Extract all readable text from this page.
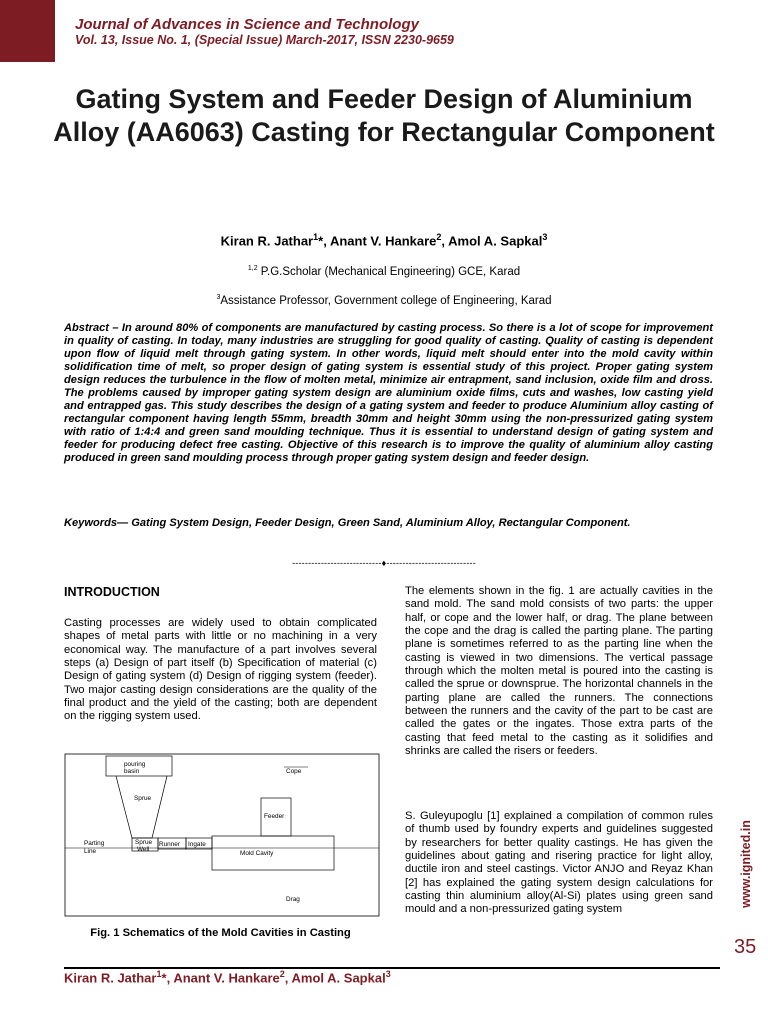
Journal of Advances in Science and Technology
Vol. 13, Issue No. 1, (Special Issue) March-2017, ISSN 2230-9659
Gating System and Feeder Design of Aluminium Alloy (AA6063) Casting for Rectangular Component
Kiran R. Jathar$^1$*, Anant V. Hankare$^2$, Amol A. Sapkal$^3$
$^{1,2}$ P.G.Scholar (Mechanical Engineering) GCE, Karad
$^3$Assistance Professor, Government college of Engineering, Karad
Abstract – In around 80% of components are manufactured by casting process. So there is a lot of scope for improvement in quality of casting. In today, many industries are struggling for good quality of casting. Quality of casting is dependent upon flow of liquid melt through gating system. In other words, liquid melt should enter into the mold cavity within solidification time of melt, so proper design of gating system is essential study of this project. Proper gating system design reduces the turbulence in the flow of molten metal, minimize air entrapment, sand inclusion, oxide film and dross. The problems caused by improper gating system design are aluminium oxide films, cuts and washes, low casting yield and entrapped gas. This study describes the design of a gating system and feeder to produce Aluminium alloy casting of rectangular component having length 55mm, breadth 30mm and height 30mm using the non-pressurized gating system with ratio of 1:4:4 and green sand moulding technique. Thus it is essential to understand design of gating system and feeder for producing defect free casting. Objective of this research is to improve the quality of aluminium alloy casting produced in green sand moulding process through proper gating system design and feeder design.
Keywords— Gating System Design, Feeder Design, Green Sand, Aluminium Alloy, Rectangular Component.
----------------------------♦----------------------------
INTRODUCTION
Casting processes are widely used to obtain complicated shapes of metal parts with little or no machining in a very economical way. The manufacture of a part involves several steps (a) Design of part itself (b) Specification of material (c) Design of gating system (d) Design of rigging system (feeder). Two major casting design considerations are the quality of the final product and the yield of the casting; both are dependent on the rigging system used.
pouring
basin
Sprue
Cope
Feeder
Parting
Line
Sprue
Well
Runner Ingate
Mold Cavity
Drag
Fig. 1 Schematics of the Mold Cavities in Casting
The elements shown in the fig. 1 are actually cavities in the sand mold. The sand mold consists of two parts: the upper half, or cope and the lower half, or drag. The plane between the cope and the drag is called the parting plane. The parting plane is sometimes referred to as the parting line when the casting is viewed in two dimensions. The vertical passage through which the molten metal is poured into the casting is called the sprue or downsprue. The horizontal channels in the parting plane are called the runners. The connections between the runners and the cavity of the part to be cast are called the gates or the ingates. Those extra parts of the casting that feed metal to the casting as it solidifies and shrinks are called the risers or feeders.
S. Guleyupoglu [1] explained a compilation of common rules of thumb used by foundry experts and guidelines suggested by researchers for better quality castings. He has given the guidelines about gating and risering practice for light alloy, ductile iron and steel castings. Victor ANJO and Reyaz Khan [2] has explained the gating system design calculations for casting thin aluminium alloy(Al-Si) plates using green sand mould and a non-pressurized gating system
www.ignited.in
35
Kiran R. Jathar$^1$*, Anant V. Hankare$^2$, Amol A. Sapkal$^3$
